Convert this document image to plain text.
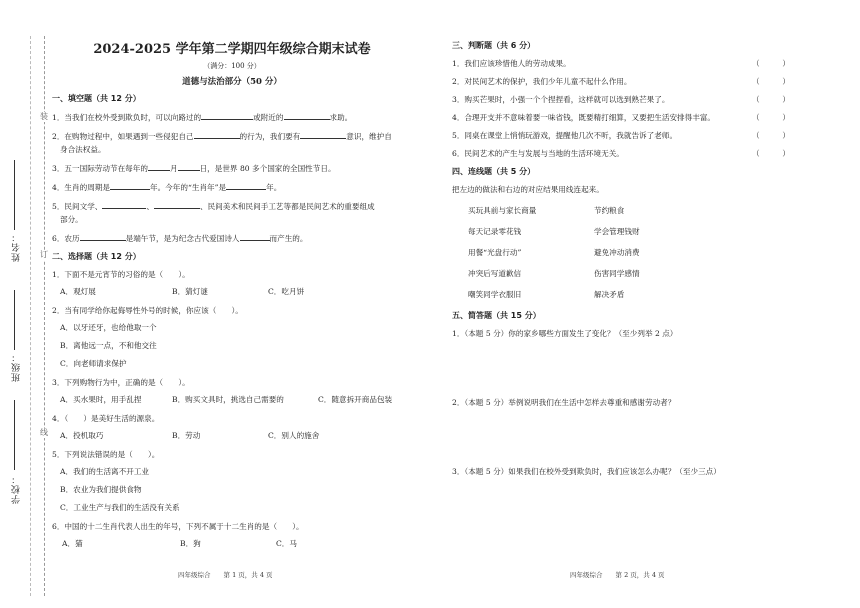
姓名：
班级：
学校：
装
订
线
2024-2025 学年第二学期四年级综合期末试卷
（满分：100 分）
道德与法治部分（50 分）
一、填空题（共 12 分）
1．当我们在校外受到欺负时，可以向路过的	或附近的	求助。
2．在购物过程中，如果遇到一些侵犯自己	的行为，我们要有	意识，维护自
身合法权益。
3．五一国际劳动节在每年的	月	日，是世界 80 多个国家的全国性节日。
4．生肖的周期是	年。今年的“生肖年”是	年。
5．民间文学、	、	、民间美术和民间手工艺等都是民间艺术的重要组成
部分。
6．农历	是端午节，是为纪念古代爱国诗人	而产生的。
二、选择题（共 12 分）
1．下面不是元宵节的习俗的是（　　）。
A．观灯展	B．猜灯谜	C．吃月饼
2．当有同学给你起侮辱性外号的时候，你应该（　　）。
A．以牙还牙，也给他取一个
B．离他远一点，不和他交往
C．向老师请求保护
3．下列购物行为中，正确的是（　　）。
A．买水果时，用手乱捏	B．购买文具时，挑选自己需要的	C．随意拆开商品包装
4．（　　）是美好生活的源泉。
A．投机取巧	B．劳动	C．别人的施舍
5．下列说法错误的是（　　）。
A．我们的生活离不开工业
B．农业为我们提供食物
C．工业生产与我们的生活没有关系
6．中国的十二生肖代表人出生的年号，下列不属于十二生肖的是（　　）。
A．猫	B．狗	C．马
三、判断题（共 6 分）
1．我们应该珍惜他人的劳动成果。	（　　　）
2．对民间艺术的保护，我们少年儿童不起什么作用。	（　　　）
3．购买芒果时，小强一个个捏捏看，这样就可以选到熟芒果了。	（　　　）
4．合理开支并不意味着要一味省钱，既要精打细算，又要把生活安排得丰富。	（　　　）
5．同桌在课堂上悄悄玩游戏，提醒他几次不听，我就告诉了老师。	（　　　）
6．民间艺术的产生与发展与当地的生活环境无关。	（　　　）
四、连线题（共 5 分）
把左边的做法和右边的对应结果用线连起来。
买玩具前与家长商量	节约粮食
每天记录零花钱	学会管理钱财
用餐“光盘行动”	避免冲动消费
冲突后写道歉信	伤害同学感情
嘲笑同学衣服旧	解决矛盾
五、简答题（共 15 分）
1．（本题 5 分）你的家乡哪些方面发生了变化？（至少列举 2 点）
2．（本题 5 分）举例说明我们在生活中怎样去尊重和感谢劳动者？
3．（本题 5 分）如果我们在校外受到欺负时，我们应该怎么办呢？（至少三点）
四年级综合　　第 1 页，共 4 页	四年级综合　　第 2 页，共 4 页
